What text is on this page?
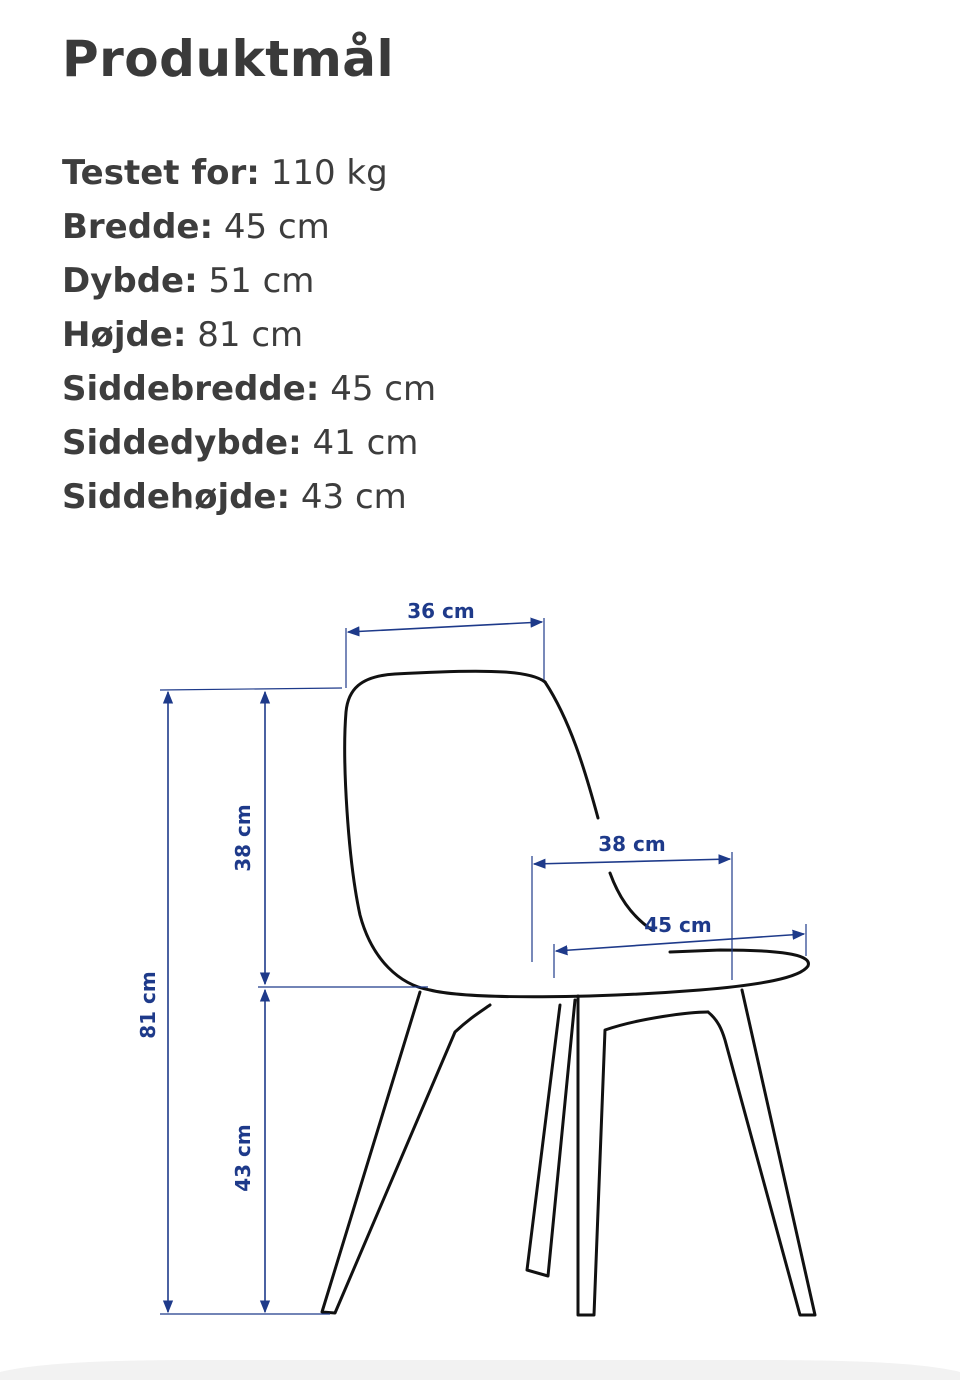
Produktmål
Testet for: 110 kg
Bredde: 45 cm
Dybde: 51 cm
Højde: 81 cm
Siddebredde: 45 cm
Siddedybde: 41 cm
Siddehøjde: 43 cm
36 cm
81 cm
38 cm
43 cm
38 cm
45 cm
